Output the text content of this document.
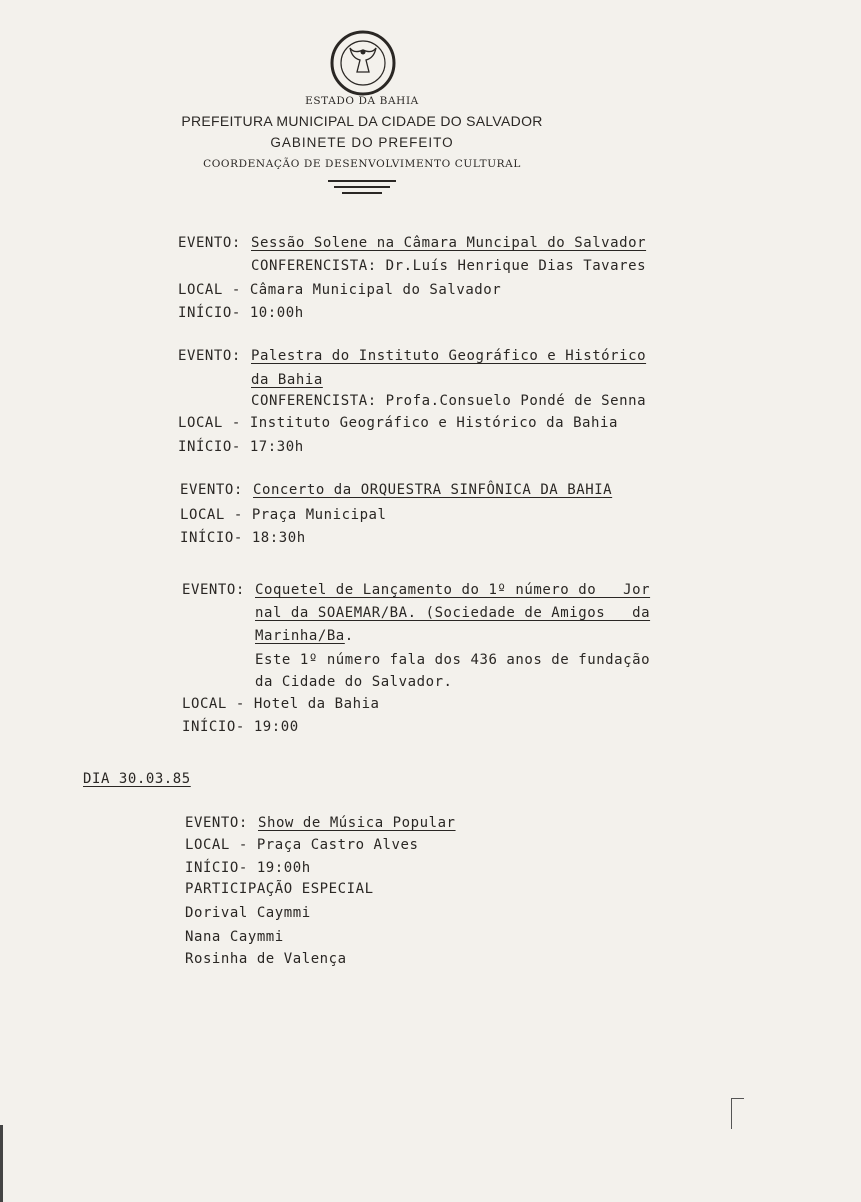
ESTADO DA BAHIA
PREFEITURA MUNICIPAL DA CIDADE DO SALVADOR
GABINETE DO PREFEITO
COORDENAÇÃO DE DESENVOLVIMENTO CULTURAL
EVENTO: Sessão Solene na Câmara Muncipal do Salvador
CONFERENCISTA: Dr.Luís Henrique Dias Tavares
LOCAL - Câmara Municipal do Salvador
INÍCIO- 10:00h
EVENTO: Palestra do Instituto Geográfico e Histórico
da Bahia
CONFERENCISTA: Profa.Consuelo Pondé de Senna
LOCAL - Instituto Geográfico e Histórico da Bahia
INÍCIO- 17:30h
EVENTO: Concerto da ORQUESTRA SINFÔNICA DA BAHIA
LOCAL - Praça Municipal
INÍCIO- 18:30h
EVENTO: Coquetel de Lançamento do 1º número do   Jor
nal da SOAEMAR/BA. (Sociedade de Amigos   da
Marinha/Ba.
Este 1º número fala dos 436 anos de fundação
da Cidade do Salvador.
LOCAL - Hotel da Bahia
INÍCIO- 19:00
DIA 30.03.85
EVENTO: Show de Música Popular
LOCAL - Praça Castro Alves
INÍCIO- 19:00h
PARTICIPAÇÃO ESPECIAL
Dorival Caymmi
Nana Caymmi
Rosinha de Valença
